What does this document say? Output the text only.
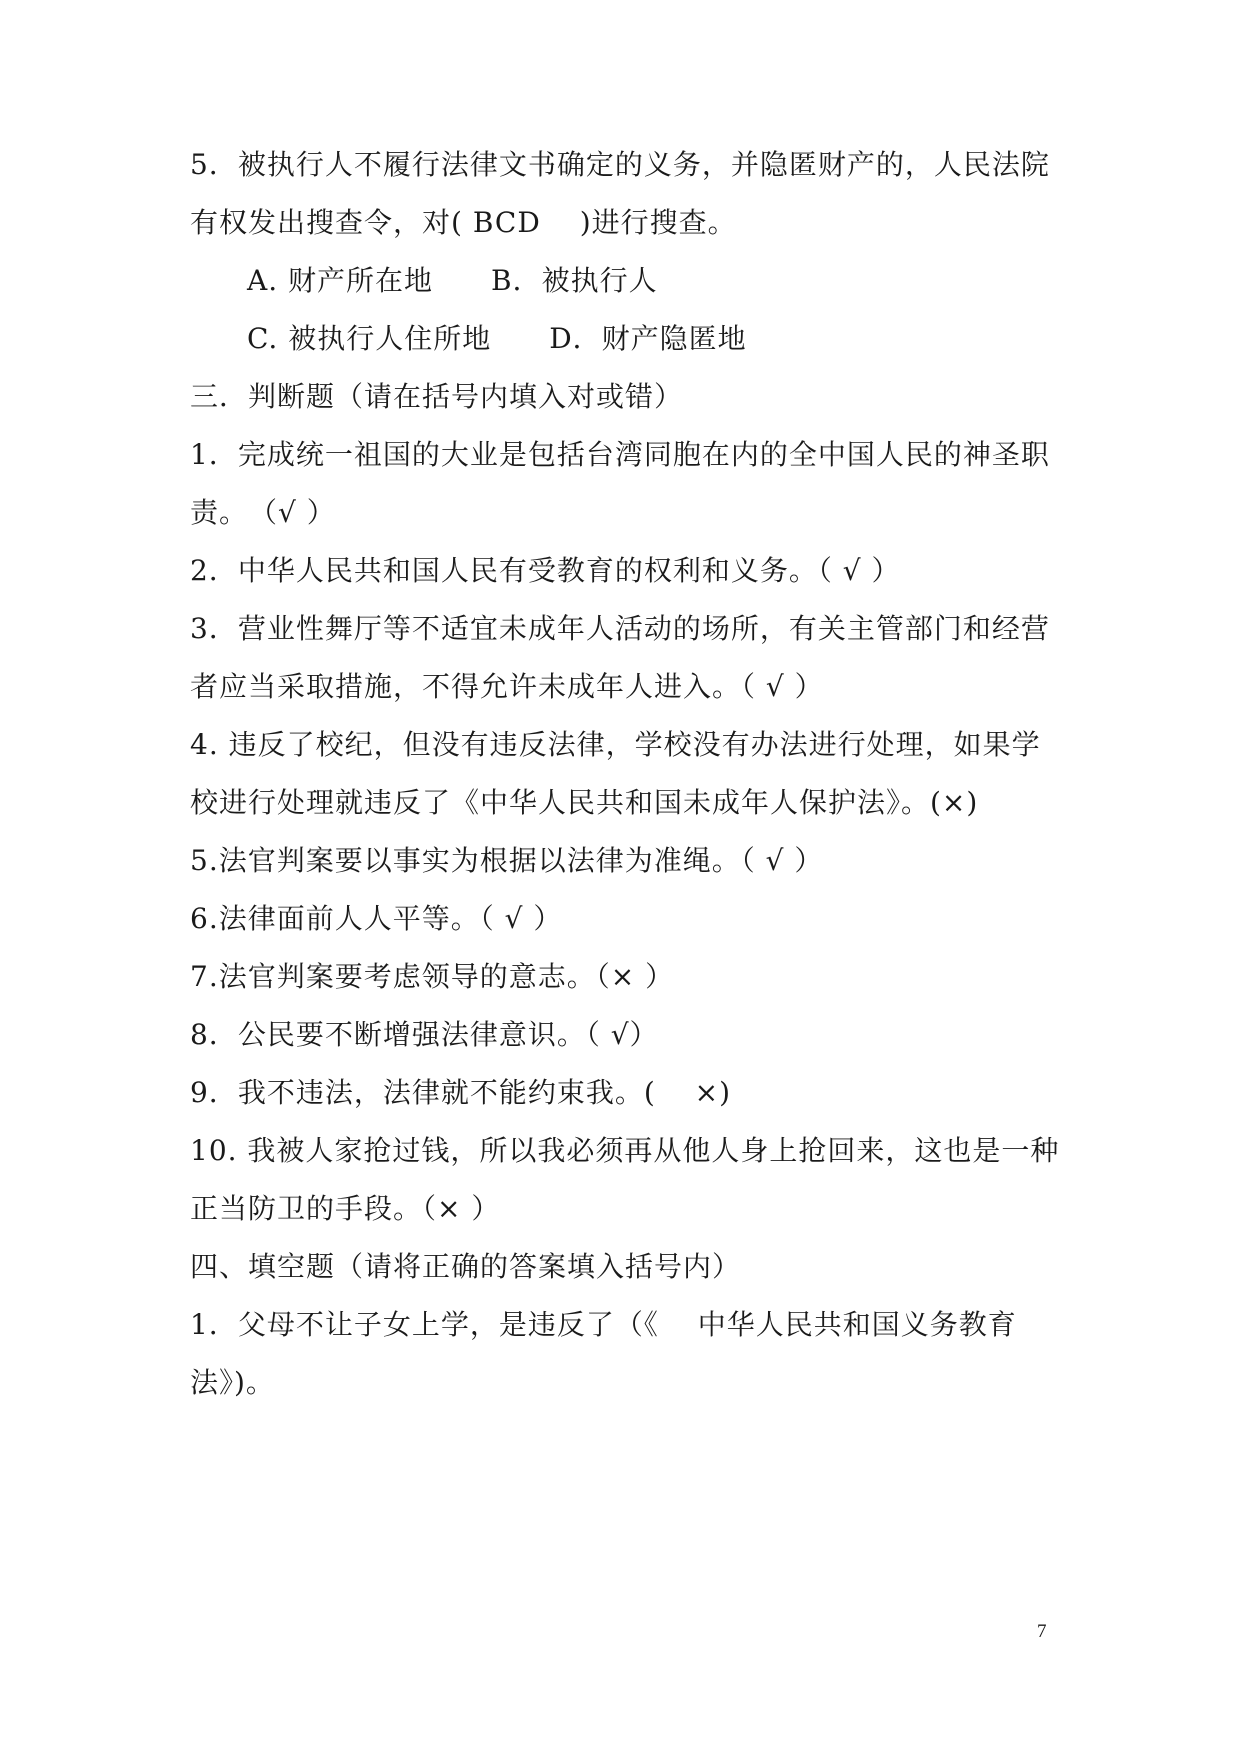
5．被执行人不履行法律文书确定的义务，并隐匿财产的，人民法院
有权发出搜查令，对( BCD　 )进行搜查。
A. 财产所在地 B．被执行人
C. 被执行人住所地 D．财产隐匿地
三．判断题（请在括号内填入对或错）
1．完成统一祖国的大业是包括台湾同胞在内的全中国人民的神圣职
责。　（√ ）
2．中华人民共和国人民有受教育的权利和义务。（ √ ）
3．营业性舞厅等不适宜未成年人活动的场所，有关主管部门和经营
者应当采取措施，不得允许未成年人进入。（ √ ）
4. 违反了校纪，但没有违反法律，学校没有办法进行处理，如果学
校进行处理就违反了《中华人民共和国未成年人保护法》。(×)
5.法官判案要以事实为根据以法律为准绳。（ √ ）
6.法律面前人人平等。（ √ ）
7.法官判案要考虑领导的意志。（× ）
8．公民要不断增强法律意识。（ √）
9．我不违法，法律就不能约束我。(　 ×)
10. 我被人家抢过钱，所以我必须再从他人身上抢回来，这也是一种
正当防卫的手段。（× ）
四、填空题（请将正确的答案填入括号内）
1．父母不让子女上学，是违反了（《　 中华人民共和国义务教育
法》)。
7
